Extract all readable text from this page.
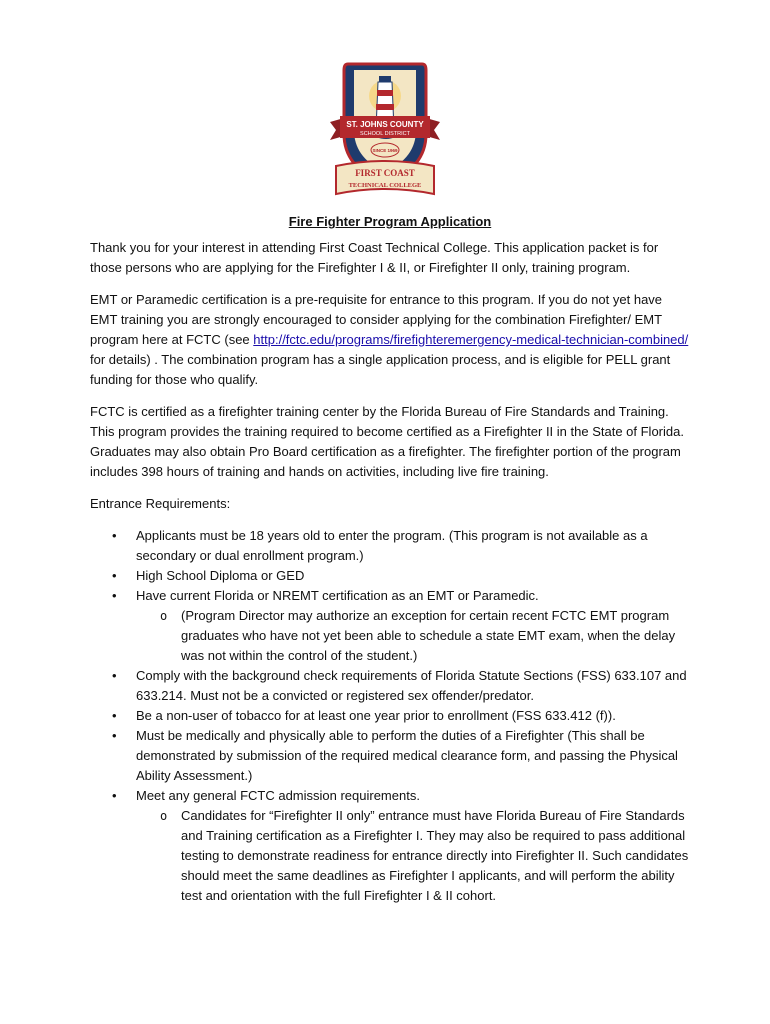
ST. JOHNS COUNTY
SCHOOL DISTRICT
SINCE 1969
FIRST COAST
TECHNICAL COLLEGE
Fire Fighter Program Application

Thank you for your interest in attending First Coast Technical College. This application packet is for those persons who are applying for the Firefighter I & II, or Firefighter II only, training program.

EMT or Paramedic certification is a pre-requisite for entrance to this program. If you do not yet have EMT training you are strongly encouraged to consider applying for the combination Firefighter/ EMT program here at FCTC (see http://fctc.edu/programs/firefighteremergency-medical-technician-combined/ for details) . The combination program has a single application process, and is eligible for PELL grant funding for those who qualify.

FCTC is certified as a firefighter training center by the Florida Bureau of Fire Standards and Training. This program provides the training required to become certified as a Firefighter II in the State of Florida. Graduates may also obtain Pro Board certification as a firefighter. The firefighter portion of the program includes 398 hours of training and hands on activities, including live fire training.

Entrance Requirements:

• Applicants must be 18 years old to enter the program. (This program is not available as a secondary or dual enrollment program.)
• High School Diploma or GED
• Have current Florida or NREMT certification as an EMT or Paramedic.
o (Program Director may authorize an exception for certain recent FCTC EMT program graduates who have not yet been able to schedule a state EMT exam, when the delay was not within the control of the student.)
• Comply with the background check requirements of Florida Statute Sections (FSS) 633.107 and 633.214. Must not be a convicted or registered sex offender/predator.
• Be a non-user of tobacco for at least one year prior to enrollment (FSS 633.412 (f)).
• Must be medically and physically able to perform the duties of a Firefighter (This shall be demonstrated by submission of the required medical clearance form, and passing the Physical Ability Assessment.)
• Meet any general FCTC admission requirements.
o Candidates for “Firefighter II only” entrance must have Florida Bureau of Fire Standards and Training certification as a Firefighter I. They may also be required to pass additional testing to demonstrate readiness for entrance directly into Firefighter II. Such candidates should meet the same deadlines as Firefighter I applicants, and will perform the ability test and orientation with the full Firefighter I & II cohort.
